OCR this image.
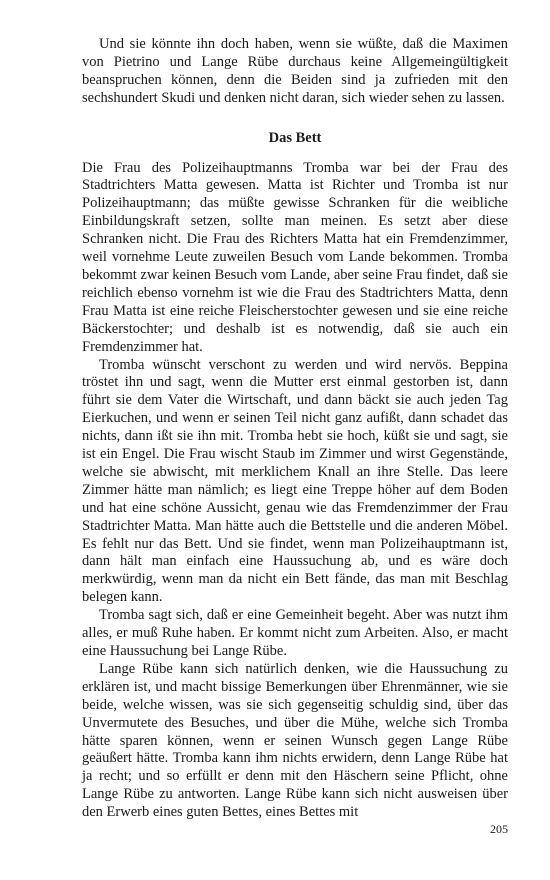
Und sie könnte ihn doch haben, wenn sie wüßte, daß die Maximen von Pietrino und Lange Rübe durchaus keine Allgemeingültigkeit beanspruchen können, denn die Beiden sind ja zufrieden mit den sechshundert Skudi und denken nicht daran, sich wieder sehen zu lassen.

Das Bett

Die Frau des Polizeihauptmanns Tromba war bei der Frau des Stadtrichters Matta gewesen. Matta ist Richter und Tromba ist nur Polizeihauptmann; das müßte gewisse Schranken für die weibliche Einbildungskraft setzen, sollte man meinen. Es setzt aber diese Schranken nicht. Die Frau des Richters Matta hat ein Fremdenzimmer, weil vornehme Leute zuweilen Besuch vom Lande bekommen. Tromba bekommt zwar keinen Besuch vom Lande, aber seine Frau findet, daß sie reichlich ebenso vornehm ist wie die Frau des Stadtrichters Matta, denn Frau Matta ist eine reiche Fleischerstochter gewesen und sie eine reiche Bäckerstochter; und deshalb ist es notwendig, daß sie auch ein Fremdenzimmer hat.

Tromba wünscht verschont zu werden und wird nervös. Beppina tröstet ihn und sagt, wenn die Mutter erst einmal gestorben ist, dann führt sie dem Vater die Wirtschaft, und dann bäckt sie auch jeden Tag Eierkuchen, und wenn er seinen Teil nicht ganz aufißt, dann schadet das nichts, dann ißt sie ihn mit. Tromba hebt sie hoch, küßt sie und sagt, sie ist ein Engel. Die Frau wischt Staub im Zimmer und wirst Gegenstände, welche sie abwischt, mit merklichem Knall an ihre Stelle. Das leere Zimmer hätte man nämlich; es liegt eine Treppe höher auf dem Boden und hat eine schöne Aussicht, genau wie das Fremdenzimmer der Frau Stadtrichter Matta. Man hätte auch die Bettstelle und die anderen Möbel. Es fehlt nur das Bett. Und sie findet, wenn man Polizeihauptmann ist, dann hält man einfach eine Haussuchung ab, und es wäre doch merkwürdig, wenn man da nicht ein Bett fände, das man mit Beschlag belegen kann.

Tromba sagt sich, daß er eine Gemeinheit begeht. Aber was nutzt ihm alles, er muß Ruhe haben. Er kommt nicht zum Arbeiten. Also, er macht eine Haussuchung bei Lange Rübe.

Lange Rübe kann sich natürlich denken, wie die Haussuchung zu erklären ist, und macht bissige Bemerkungen über Ehrenmänner, wie sie beide, welche wissen, was sie sich gegenseitig schuldig sind, über das Unvermutete des Besuches, und über die Mühe, welche sich Tromba hätte sparen können, wenn er seinen Wunsch gegen Lange Rübe geäußert hätte. Tromba kann ihm nichts erwidern, denn Lange Rübe hat ja recht; und so erfüllt er denn mit den Häschern seine Pflicht, ohne Lange Rübe zu antworten. Lange Rübe kann sich nicht ausweisen über den Erwerb eines guten Bettes, eines Bettes mit

205
